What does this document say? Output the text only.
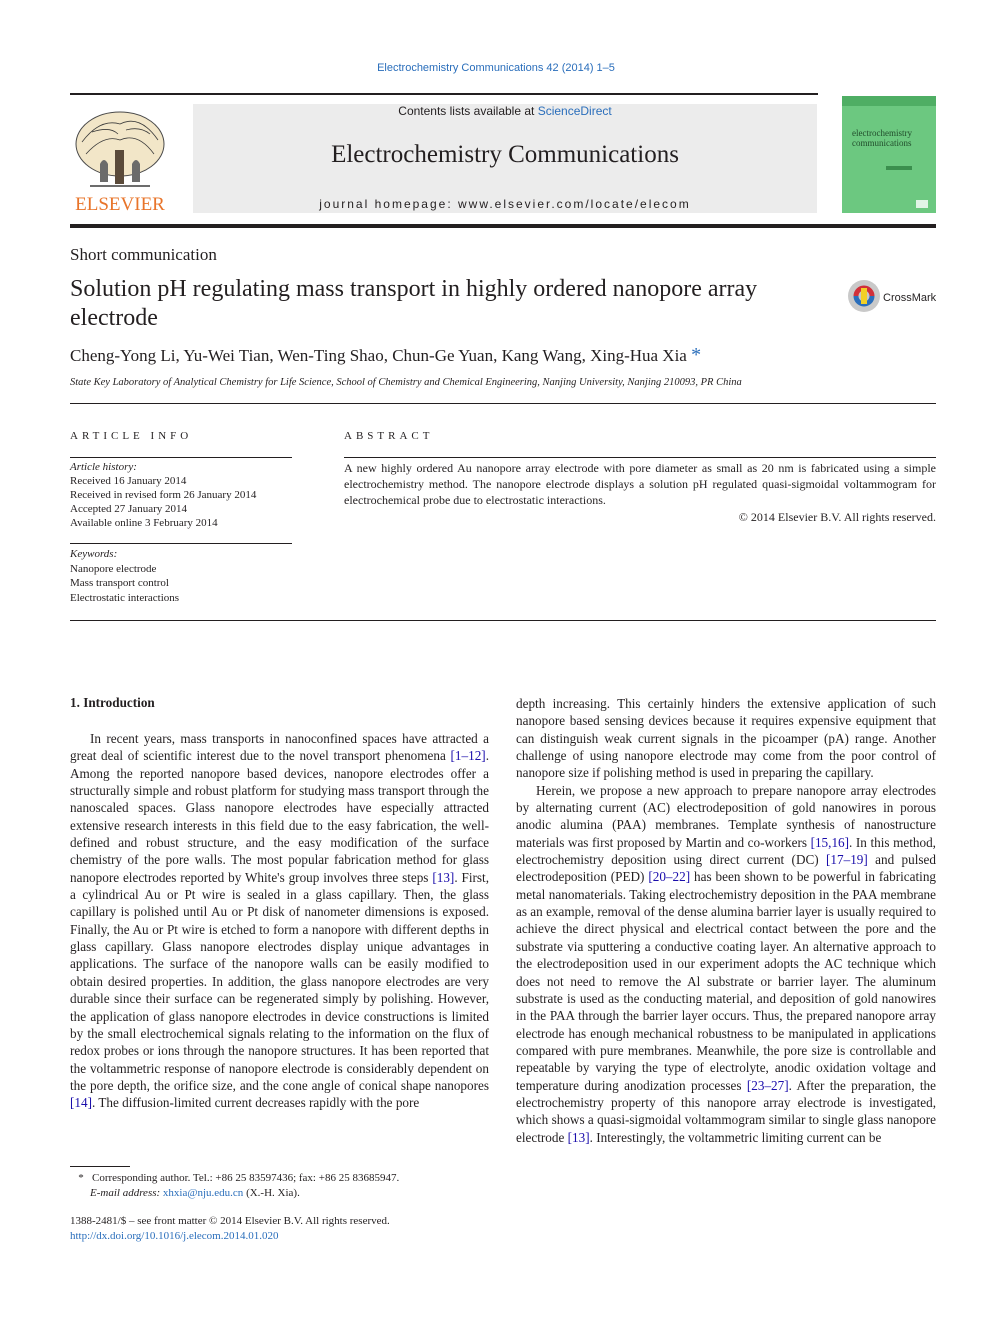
Electrochemistry Communications 42 (2014) 1–5
ELSEVIER
Contents lists available at ScienceDirect
Electrochemistry Communications
journal homepage: www.elsevier.com/locate/elecom
electrochemistry
communications
Short communication
Solution pH regulating mass transport in highly ordered nanopore array electrode
CrossMark
Cheng-Yong Li, Yu-Wei Tian, Wen-Ting Shao, Chun-Ge Yuan, Kang Wang, Xing-Hua Xia *
State Key Laboratory of Analytical Chemistry for Life Science, School of Chemistry and Chemical Engineering, Nanjing University, Nanjing 210093, PR China
ARTICLE INFO
Article history:
Received 16 January 2014
Received in revised form 26 January 2014
Accepted 27 January 2014
Available online 3 February 2014
Keywords:
Nanopore electrode
Mass transport control
Electrostatic interactions
ABSTRACT
A new highly ordered Au nanopore array electrode with pore diameter as small as 20 nm is fabricated using a simple electrochemistry method. The nanopore electrode displays a solution pH regulated quasi-sigmoidal voltammogram for electrochemical probe due to electrostatic interactions.
© 2014 Elsevier B.V. All rights reserved.
1. Introduction

In recent years, mass transports in nanoconfined spaces have attracted a great deal of scientific interest due to the novel transport phenomena [1–12]. Among the reported nanopore based devices, nanopore electrodes offer a structurally simple and robust platform for studying mass transport through the nanoscaled spaces. Glass nanopore electrodes have especially attracted extensive research interests in this field due to the easy fabrication, the well-defined and robust structure, and the easy modification of the surface chemistry of the pore walls. The most popular fabrication method for glass nanopore electrodes reported by White's group involves three steps [13]. First, a cylindrical Au or Pt wire is sealed in a glass capillary. Then, the glass capillary is polished until Au or Pt disk of nanometer dimensions is exposed. Finally, the Au or Pt wire is etched to form a nanopore with different depths in glass capillary. Glass nanopore electrodes display unique advantages in applications. The surface of the nanopore walls can be easily modified to obtain desired properties. In addition, the glass nanopore electrodes are very durable since their surface can be regenerated simply by polishing. However, the application of glass nanopore electrodes in device constructions is limited by the small electrochemical signals relating to the information on the flux of redox probes or ions through the nanopore structures. It has been reported that the voltammetric response of nanopore electrode is considerably dependent on the pore depth, the orifice size, and the cone angle of conical shape nanopores [14]. The diffusion-limited current decreases rapidly with the pore

depth increasing. This certainly hinders the extensive application of such nanopore based sensing devices because it requires expensive equipment that can distinguish weak current signals in the picoamper (pA) range. Another challenge of using nanopore electrode may come from the poor control of nanopore size if polishing method is used in preparing the capillary.

Herein, we propose a new approach to prepare nanopore array electrodes by alternating current (AC) electrodeposition of gold nanowires in porous anodic alumina (PAA) membranes. Template synthesis of nanostructure materials was first proposed by Martin and co-workers [15,16]. In this method, electrochemistry deposition using direct current (DC) [17–19] and pulsed electrodeposition (PED) [20–22] has been shown to be powerful in fabricating metal nanomaterials. Taking electrochemistry deposition in the PAA membrane as an example, removal of the dense alumina barrier layer is usually required to achieve the direct physical and electrical contact between the pore and the substrate via sputtering a conductive coating layer. An alternative approach to the electrodeposition used in our experiment adopts the AC technique which does not need to remove the Al substrate or barrier layer. The aluminum substrate is used as the conducting material, and deposition of gold nanowires in the PAA through the barrier layer occurs. Thus, the prepared nanopore array electrode has enough mechanical robustness to be manipulated in applications compared with pure membranes. Meanwhile, the pore size is controllable and repeatable by varying the type of electrolyte, anodic oxidation voltage and temperature during anodization processes [23–27]. After the preparation, the electrochemistry property of this nanopore array electrode is investigated, which shows a quasi-sigmoidal voltammogram similar to single glass nanopore electrode [13]. Interestingly, the voltammetric limiting current can be

* Corresponding author. Tel.: +86 25 83597436; fax: +86 25 83685947.
E-mail address: xhxia@nju.edu.cn (X.-H. Xia).
1388-2481/$ – see front matter © 2014 Elsevier B.V. All rights reserved.
http://dx.doi.org/10.1016/j.elecom.2014.01.020
